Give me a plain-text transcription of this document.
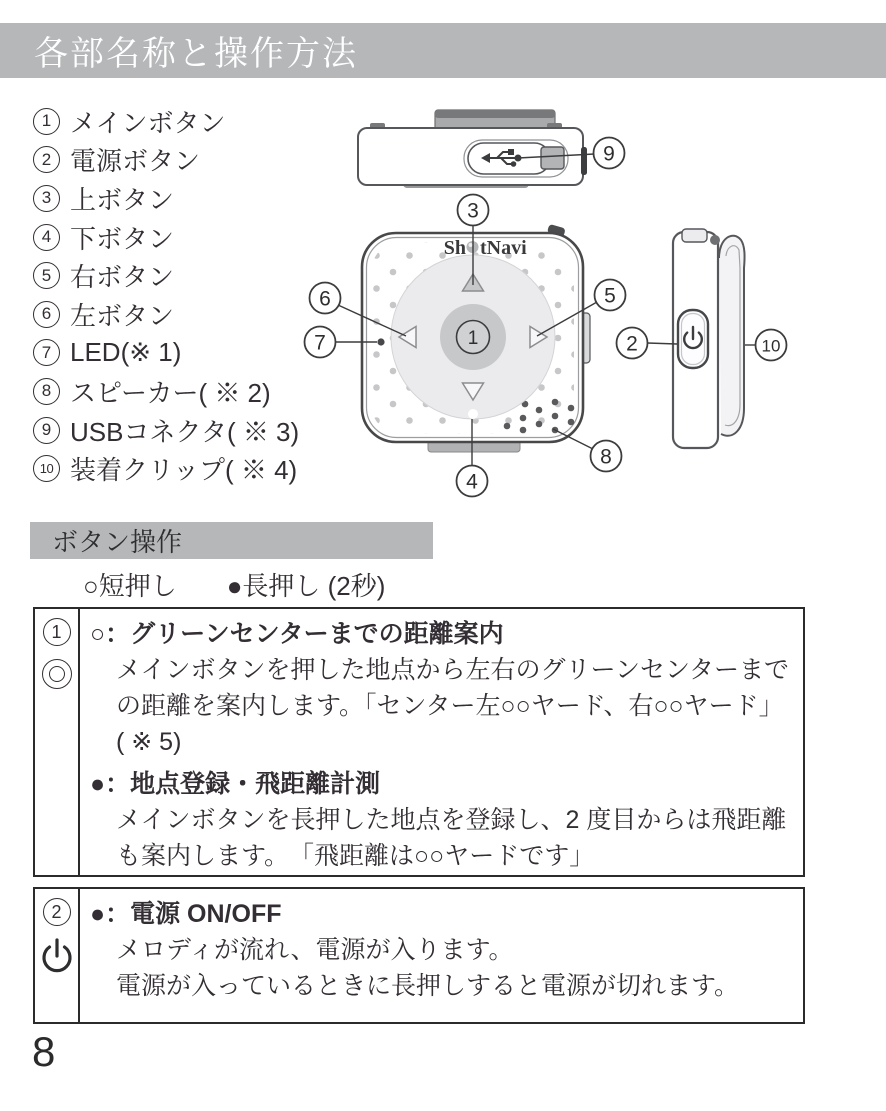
各部名称と操作方法
1 メインボタン
2 電源ボタン
3 上ボタン
4 下ボタン
5 右ボタン
6 左ボタン
7 LED(※ 1)
8 スピーカー( ※ 2)
9 USBコネクタ( ※ 3)
10 装着クリップ( ※ 4)
Sh tNavi
1
9
3
6	5
7	2	10
8
4
ボタン操作
○短押し ●長押し (2秒)
1	○：グリーンセンターまでの距離案内
メインボタンを押した地点から左右のグリーンセンターまで
の距離を案内します。「センター左○○ヤード、右○○ヤード」
( ※ 5)
●：地点登録・飛距離計測
メインボタンを長押した地点を登録し、2 度目からは飛距離
も案内します。　「飛距離は○○ヤードです」
2	●：電源 ON/OFF
メロディが流れ、電源が入ります。
電源が入っているときに長押しすると電源が切れます。
8
